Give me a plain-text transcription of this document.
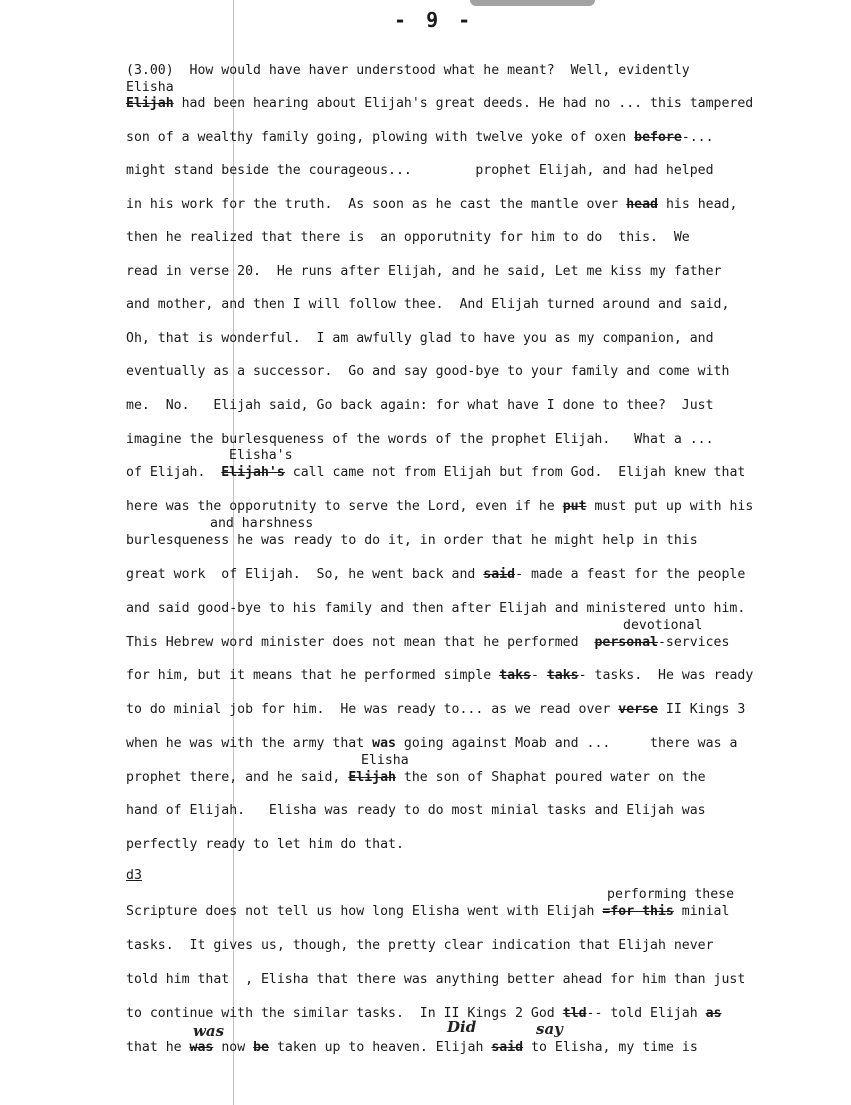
- 9 -
(3.00)  How would have haver understood what he meant?  Well, evidently
Elisha
Elijah had been hearing about Elijah's great deeds. He had no ... this tampered
son of a wealthy family going, plowing with twelve yoke of oxen before-...
might stand beside the courageous...        prophet Elijah, and had helped
in his work for the truth.  As soon as he cast the mantle over head his head,
then he realized that there is  an opporutnity for him to do  this.  We
read in verse 20.  He runs after Elijah, and he said, Let me kiss my father
and mother, and then I will follow thee.  And Elijah turned around and said,
Oh, that is wonderful.  I am awfully glad to have you as my companion, and
eventually as a successor.  Go and say good-bye to your family and come with
me.  No.   Elijah said, Go back again: for what have I done to thee?  Just
imagine the burlesqueness of the words of the prophet Elijah.   What a ...
Elisha's
of Elijah. Elijah's call came not from Elijah but from God.  Elijah knew that
here was the opporutnity to serve the Lord, even if he put must put up with his
and harshness
burlesqueness he was ready to do it, in order that he might help in this
great work  of Elijah.  So, he went back and said- made a feast for the people
and said good-bye to his family and then after Elijah and ministered unto him.
devotional
This Hebrew word minister does not mean that he performed personal-services
for him, but it means that he performed simple taks- taks- tasks.  He was ready
to do minial job for him.  He was ready to... as we read over verse II Kings 3
when he was with the army that was going against Moab and ...     there was a
Elisha
prophet there, and he said, Elijah the son of Shaphat poured water on the
hand of Elijah.   Elisha was ready to do most minial tasks and Elijah was
perfectly ready to let him do that.
d3
performing these
Scripture does not tell us how long Elisha went with Elijah =for this minial
tasks.  It gives us, though, the pretty clear indication that Elijah never
told him that  , Elisha that there was anything better ahead for him than just
to continue with the similar tasks.  In II Kings 2 God tld-- told Elijah as
was	Did	say
that he was now be taken up to heaven. Elijah said to Elisha, my time is
